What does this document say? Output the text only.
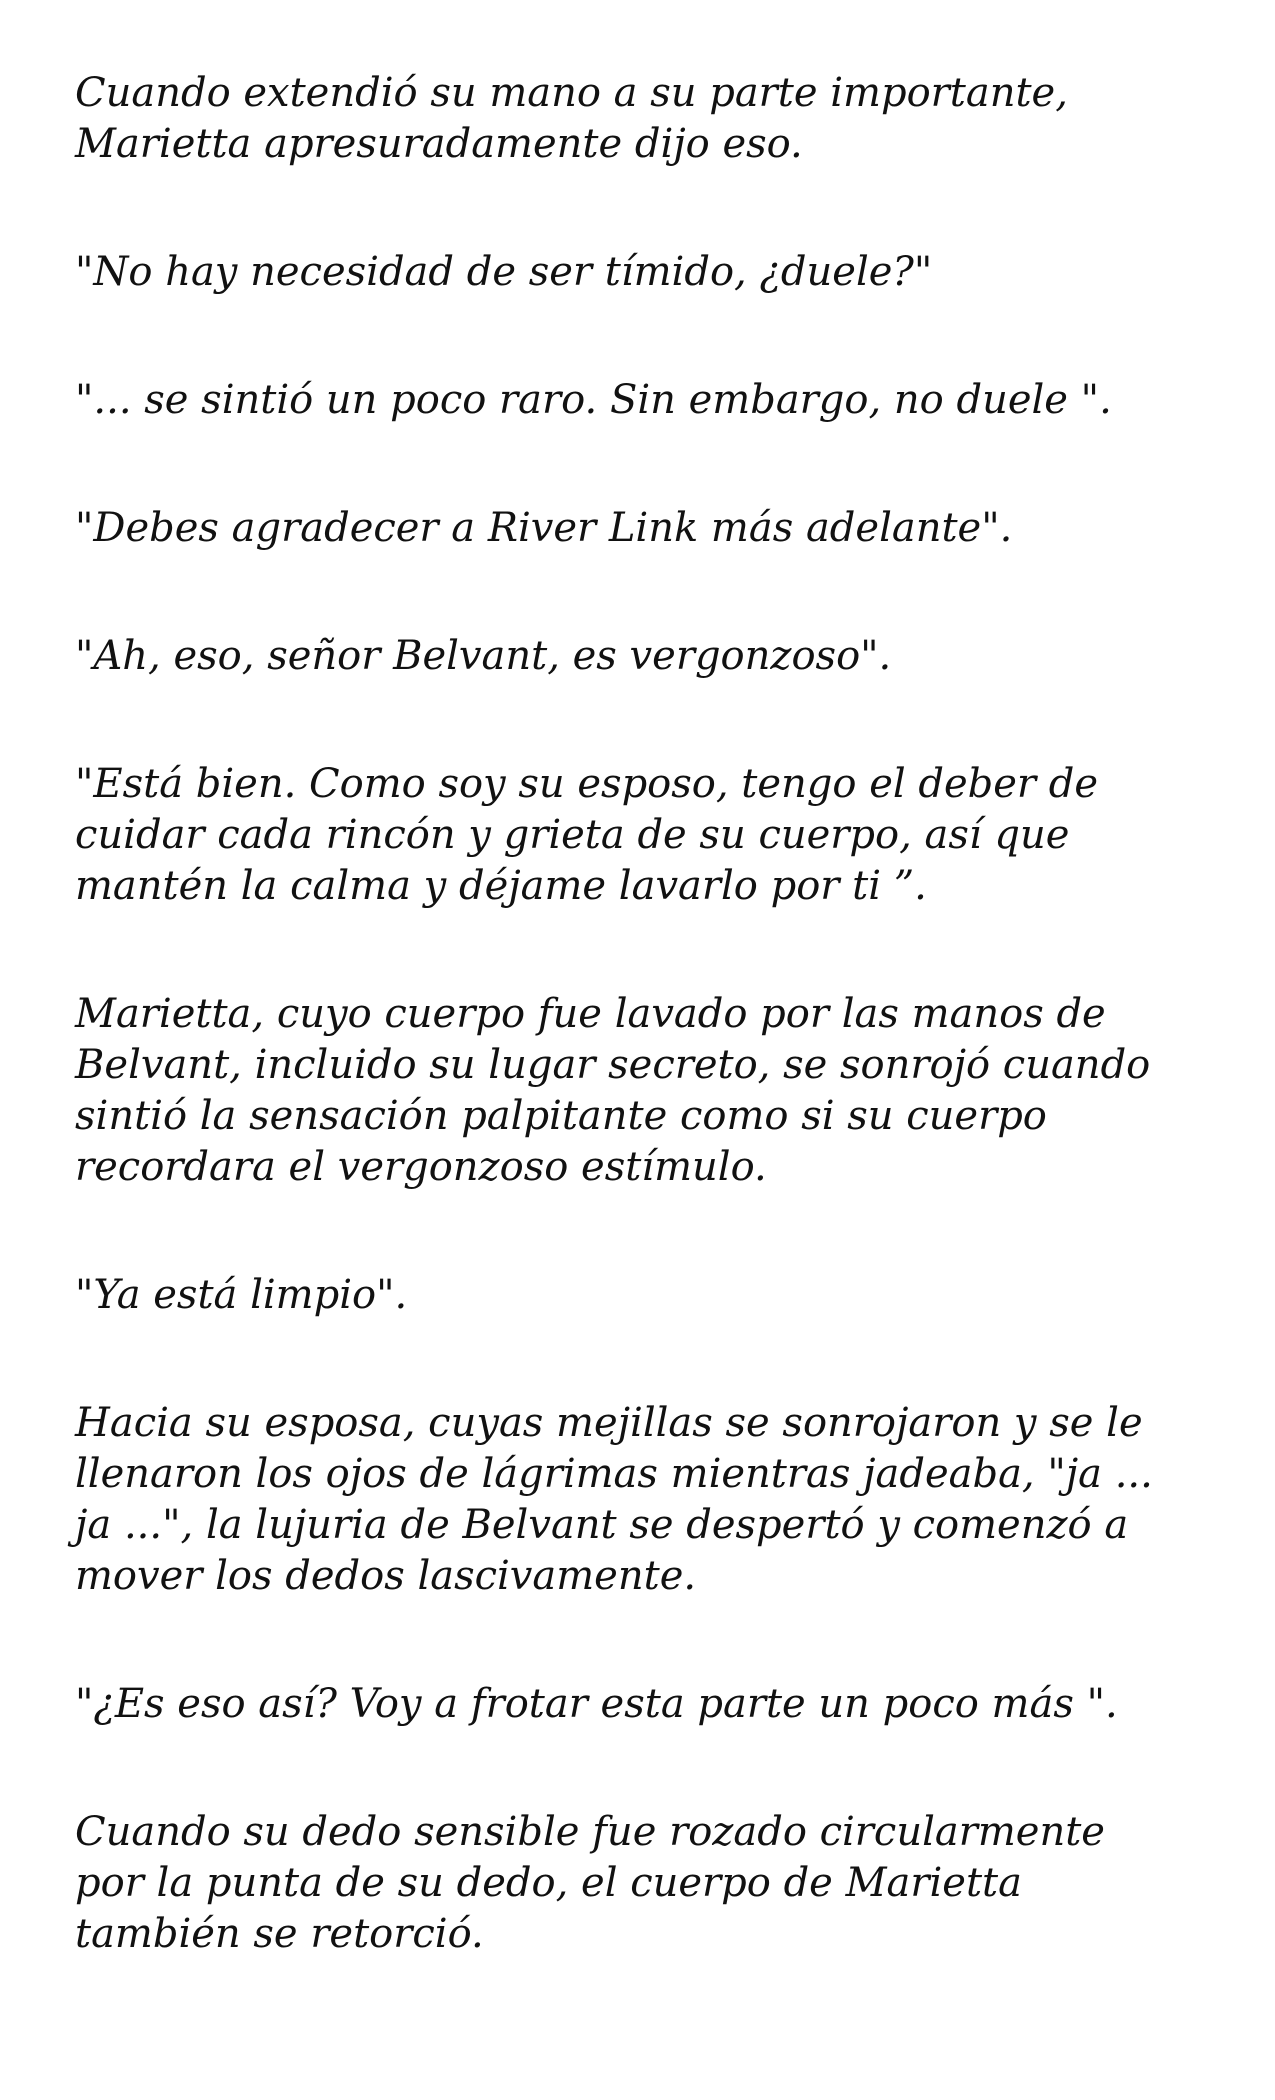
Cuando extendió su mano a su parte importante,
Marietta apresuradamente dijo eso.

"No hay necesidad de ser tímido, ¿duele?"

"... se sintió un poco raro. Sin embargo, no duele ".

"Debes agradecer a River Link más adelante".

"Ah, eso, señor Belvant, es vergonzoso".

"Está bien. Como soy su esposo, tengo el deber de
cuidar cada rincón y grieta de su cuerpo, así que
mantén la calma y déjame lavarlo por ti ”.

Marietta, cuyo cuerpo fue lavado por las manos de
Belvant, incluido su lugar secreto, se sonrojó cuando
sintió la sensación palpitante como si su cuerpo
recordara el vergonzoso estímulo.

"Ya está limpio".

Hacia su esposa, cuyas mejillas se sonrojaron y se le
llenaron los ojos de lágrimas mientras jadeaba, "ja ...
ja ...", la lujuria de Belvant se despertó y comenzó a
mover los dedos lascivamente.

"¿Es eso así? Voy a frotar esta parte un poco más ".

Cuando su dedo sensible fue rozado circularmente
por la punta de su dedo, el cuerpo de Marietta
también se retorció.
